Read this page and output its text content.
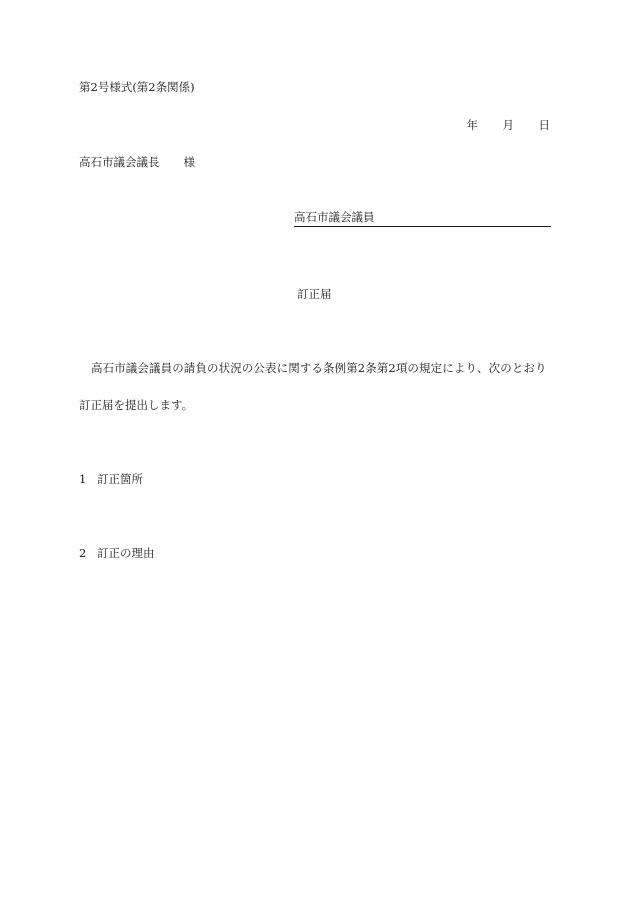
第2号様式(第2条関係)
年	月	日
高石市議会議長 様
高石市議会議員
訂正届
高石市議会議員の請負の状況の公表に関する条例第2条第2項の規定により、次のとおり
訂正届を提出します。
1 訂正箇所
2 訂正の理由
